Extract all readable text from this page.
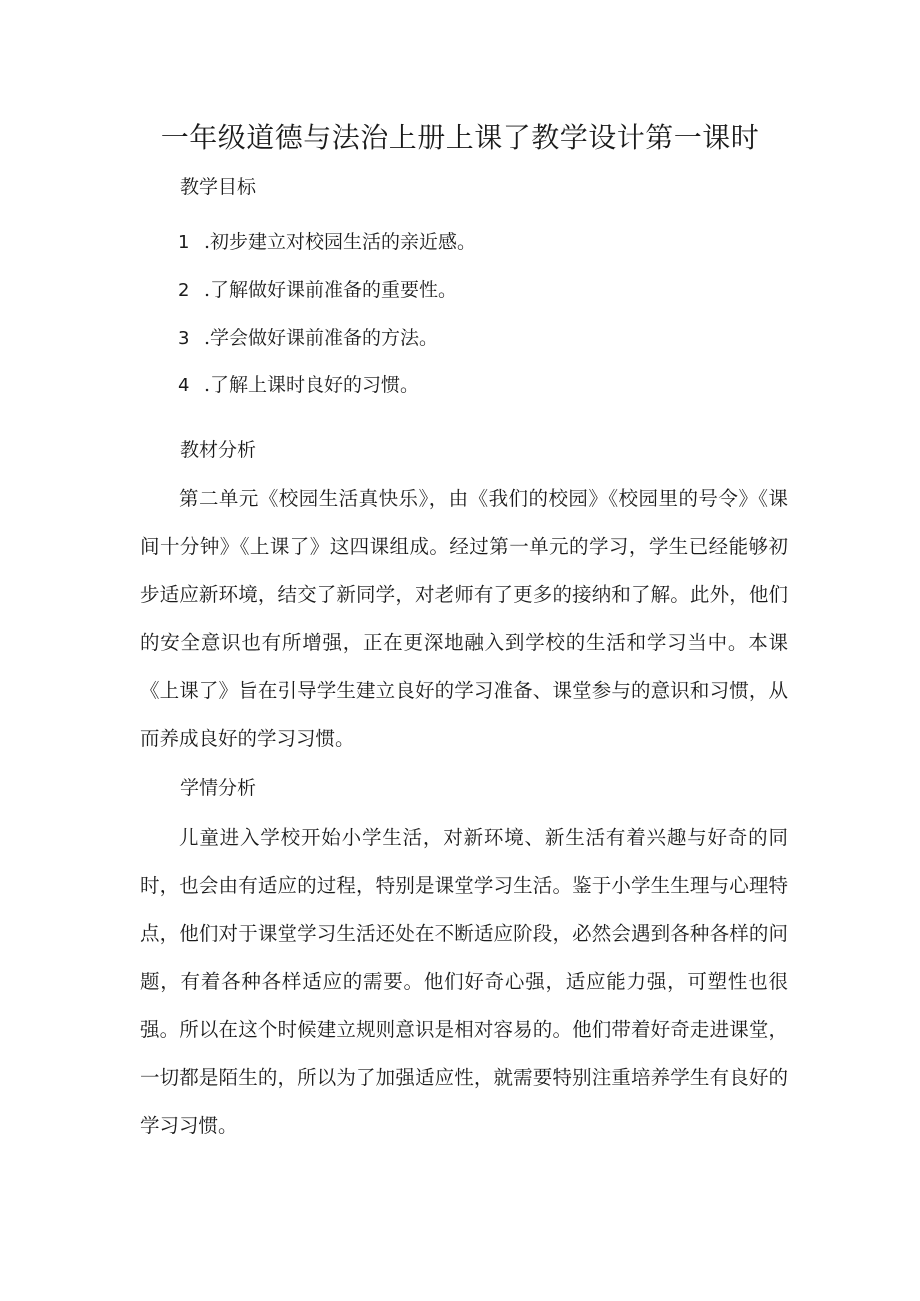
一年级道德与法治上册上课了教学设计第一课时
教学目标
1 .初步建立对校园生活的亲近感。
2 .了解做好课前准备的重要性。
3 .学会做好课前准备的方法。
4 .了解上课时良好的习惯。
教材分析

第二单元《校园生活真快乐》，由《我们的校园》《校园里的号令》《课间十分钟》《上课了》这四课组成。经过第一单元的学习，学生已经能够初步适应新环境，结交了新同学，对老师有了更多的接纳和了解。此外，他们的安全意识也有所增强，正在更深地融入到学校的生活和学习当中。本课《上课了》旨在引导学生建立良好的学习准备、课堂参与的意识和习惯，从而养成良好的学习习惯。

学情分析

儿童进入学校开始小学生活，对新环境、新生活有着兴趣与好奇的同时，也会由有适应的过程，特别是课堂学习生活。鉴于小学生生理与心理特点，他们对于课堂学习生活还处在不断适应阶段，必然会遇到各种各样的问题，有着各种各样适应的需要。他们好奇心强，适应能力强，可塑性也很强。所以在这个时候建立规则意识是相对容易的。他们带着好奇走进课堂，一切都是陌生的，所以为了加强适应性，就需要特别注重培养学生有良好的学习习惯。
